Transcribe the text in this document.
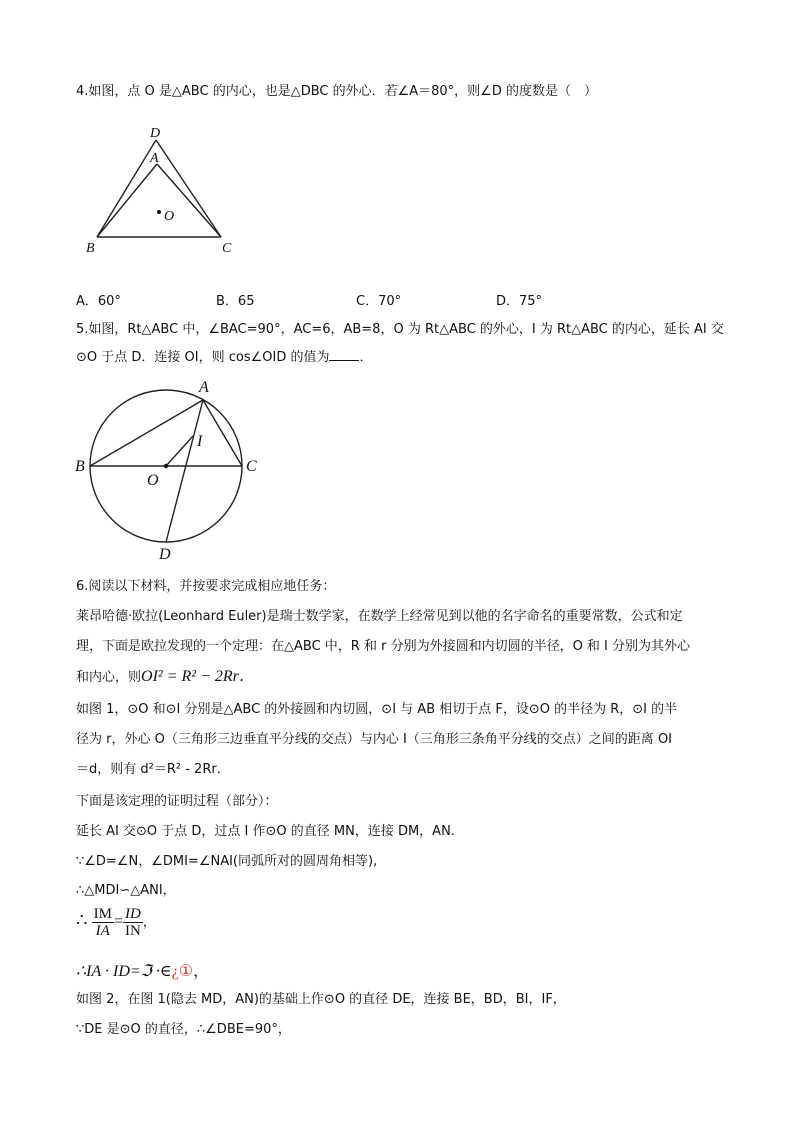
4.如图，点 O 是△ABC 的内心，也是△DBC 的外心．若∠A＝80°，则∠D 的度数是（　）
D
A
O
B	C
A．60°	B．65	C．70°	D．75°
5.如图，Rt△ABC 中，∠BAC=90°，AC=6，AB=8，O 为 Rt△ABC 的外心，I 为 Rt△ABC 的内心，延长 AI 交
⊙O 于点 D．连接 OI，则 cos∠OID 的值为 ．
A
I
B
O
C
D
6.阅读以下材料，并按要求完成相应地任务：
莱昂哈德·欧拉(Leonhard Euler)是瑞士数学家，在数学上经常见到以他的名字命名的重要常数，公式和定
理，下面是欧拉发现的一个定理：在△ABC 中，R 和 r 分别为外接圆和内切圆的半径，O 和 I 分别为其外心
和内心，则OI² = R² − 2Rr．
如图 1，⊙O 和⊙I 分别是△ABC 的外接圆和内切圆，⊙I 与 AB 相切于点 F，设⊙O 的半径为 R，⊙I 的半
径为 r，外心 O（三角形三边垂直平分线的交点）与内心 I（三角形三条角平分线的交点）之间的距离 OI
＝d，则有 d²＝R² - 2Rr．
下面是该定理的证明过程（部分）：
延长 AI 交⊙O 于点 D，过点 I 作⊙O 的直径 MN，连接 DM，AN.
∵∠D=∠N，∠DMI=∠NAI(同弧所对的圆周角相等),
∴△MDI∽△ANI，
∴ $\frac{IM}{IA} = \frac{ID}{IN}$ ，
∴IA · ID=ℑ ·∈¿①，
如图 2，在图 1(隐去 MD，AN)的基础上作⊙O 的直径 DE，连接 BE，BD，BI，IF，
∵DE 是⊙O 的直径，∴∠DBE=90°，
